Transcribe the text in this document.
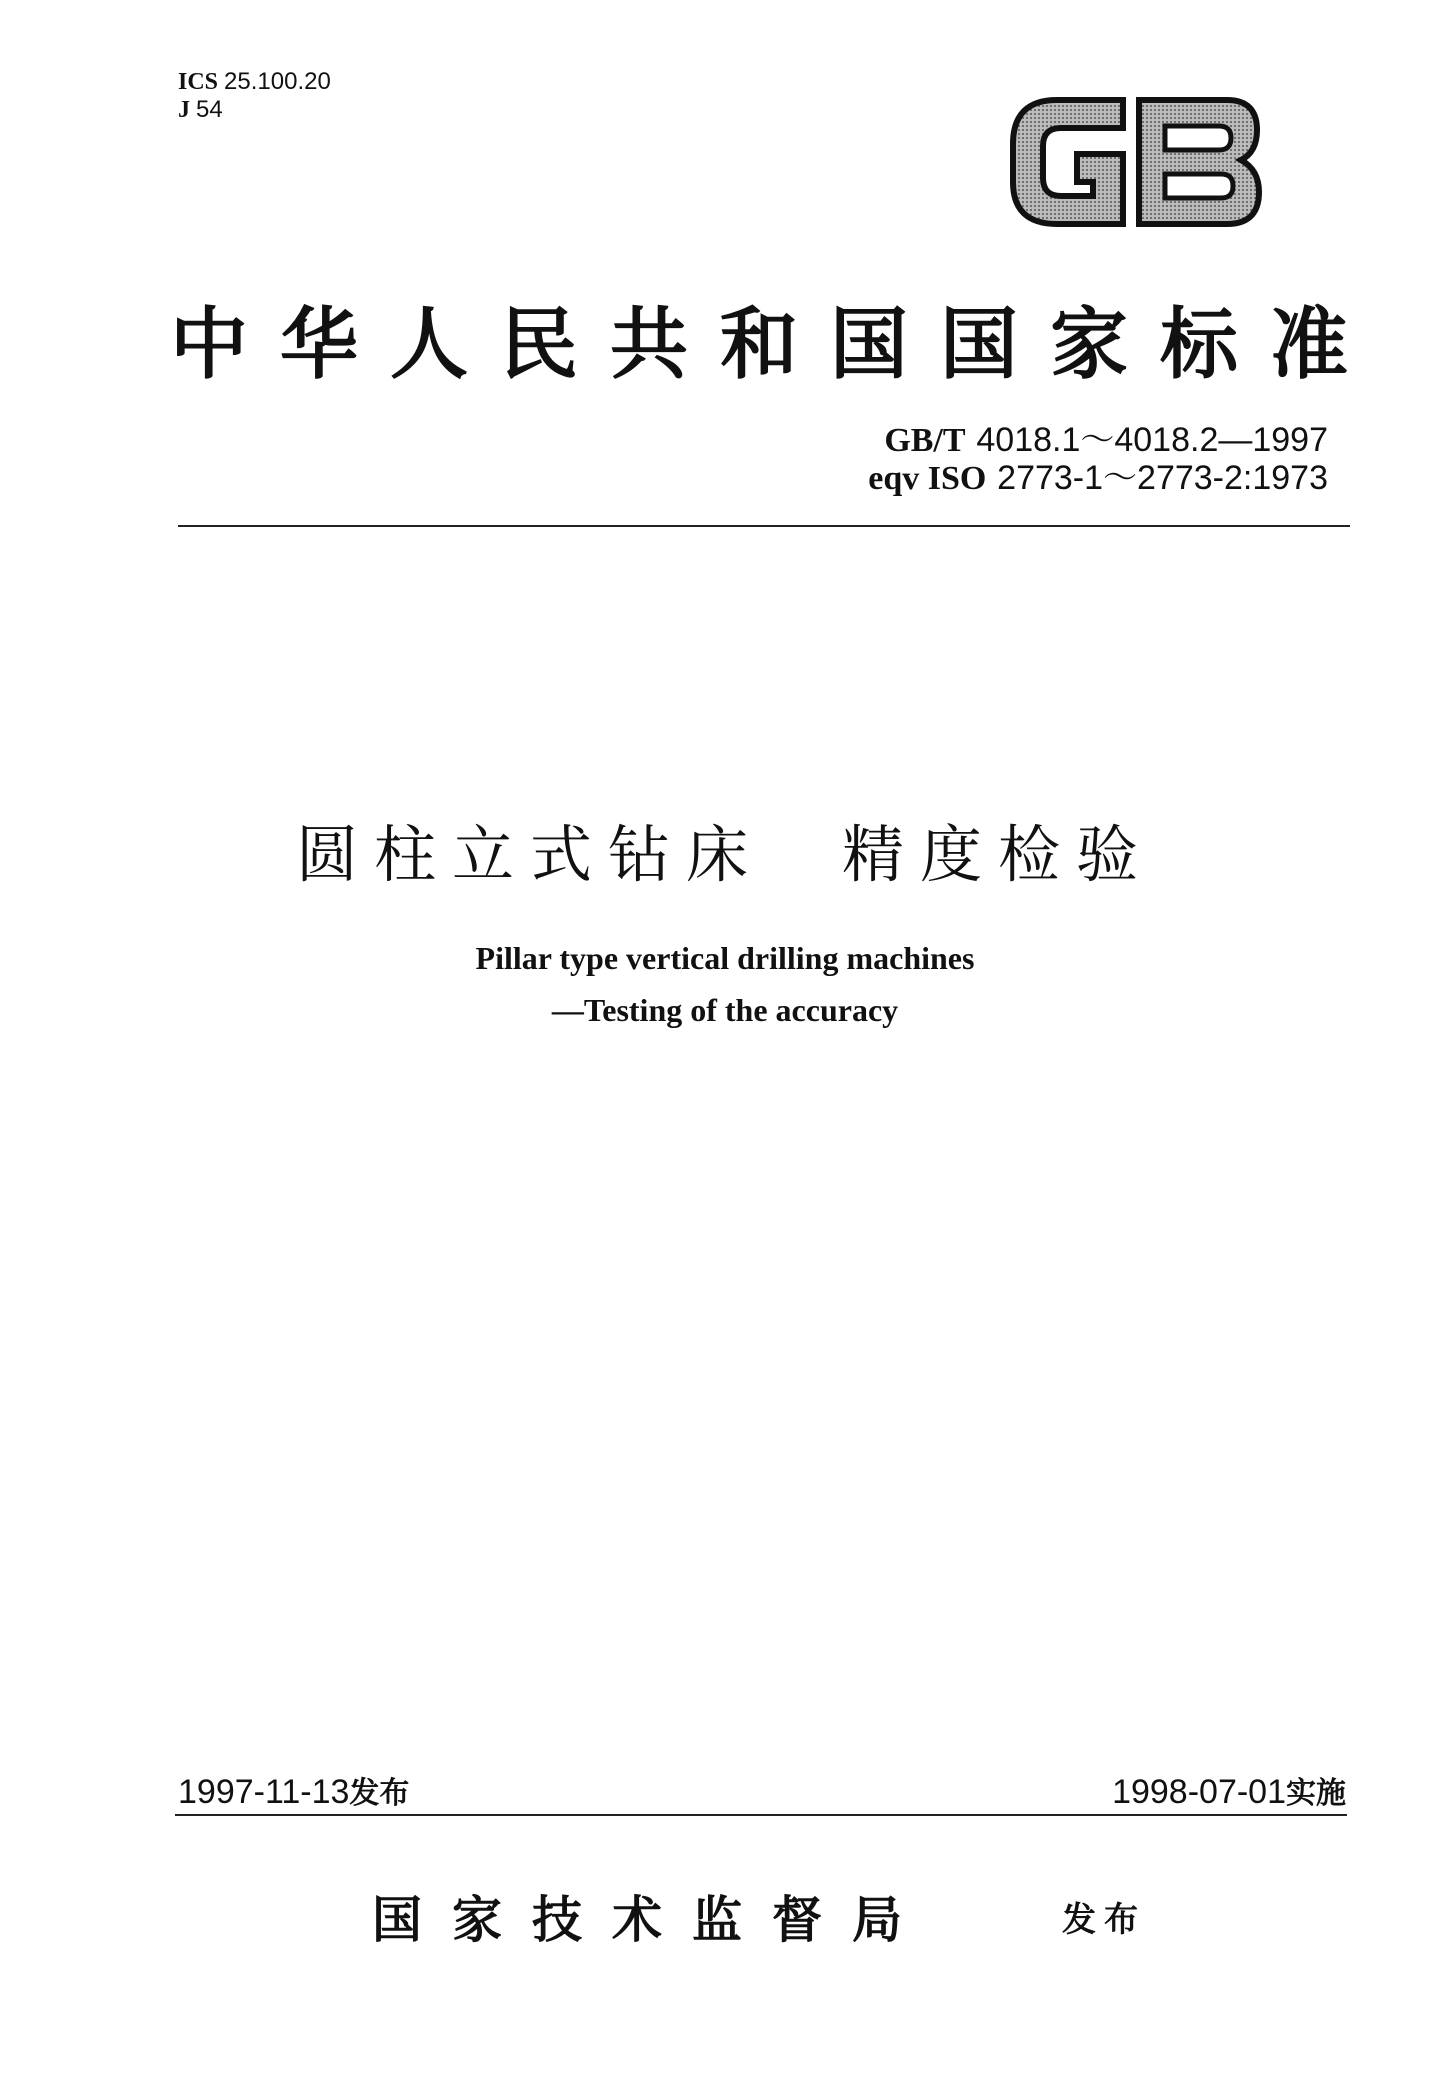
ICS 25.100.20
J 54
中华人民共和国国家标准
GB/T 4018.1～4018.2—1997
eqv ISO 2773-1～2773-2:1973
圆柱立式钻床　精度检验
Pillar type vertical drilling machines
—Testing of the accuracy
1997-11-13发布	1998-07-01实施
国家技术监督局	发布
